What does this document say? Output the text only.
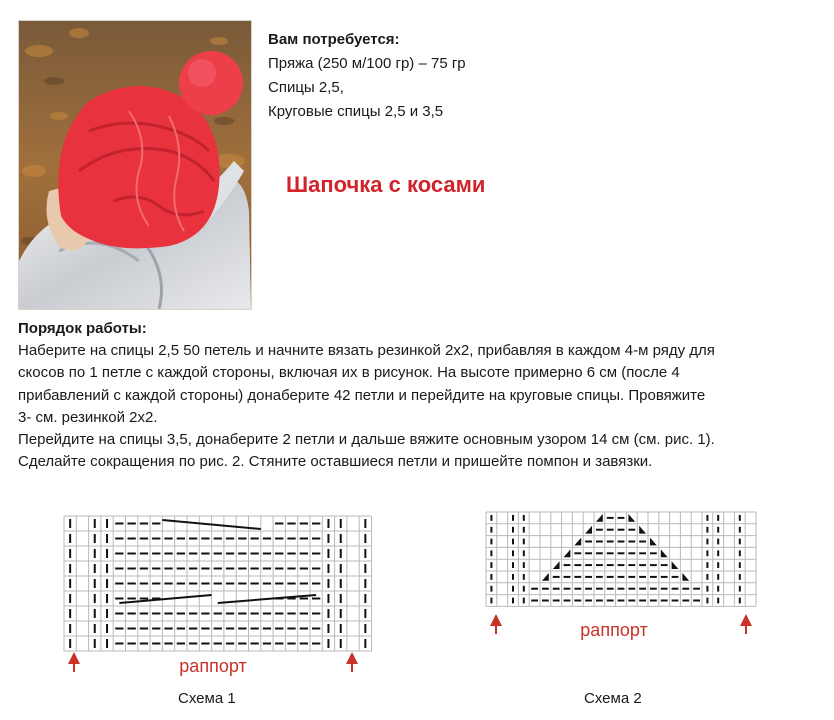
Вам потребуется:
Пряжа (250 м/100 гр) – 75 гр
Спицы 2,5,
Круговые спицы 2,5 и 3,5
Шапочка с косами
Порядок работы:

Наберите на спицы 2,5 50 петель и начните вязать резинкой 2х2, прибавляя в каждом 4-м ряду для

скосов по 1 петле с каждой стороны, включая их в рисунок. На высоте примерно 6 см (после 4

прибавлений с каждой стороны) донаберите 42 петли и перейдите на круговые спицы. Провяжите

3- см. резинкой 2х2.

Перейдите на спицы 3,5, донаберите 2 петли и дальше вяжите основным узором 14 см (см. рис. 1).

Сделайте сокращения по рис. 2. Стяните оставшиеся петли и пришейте помпон и завязки.

раппорт
Схема 1
раппорт
Схема 2
